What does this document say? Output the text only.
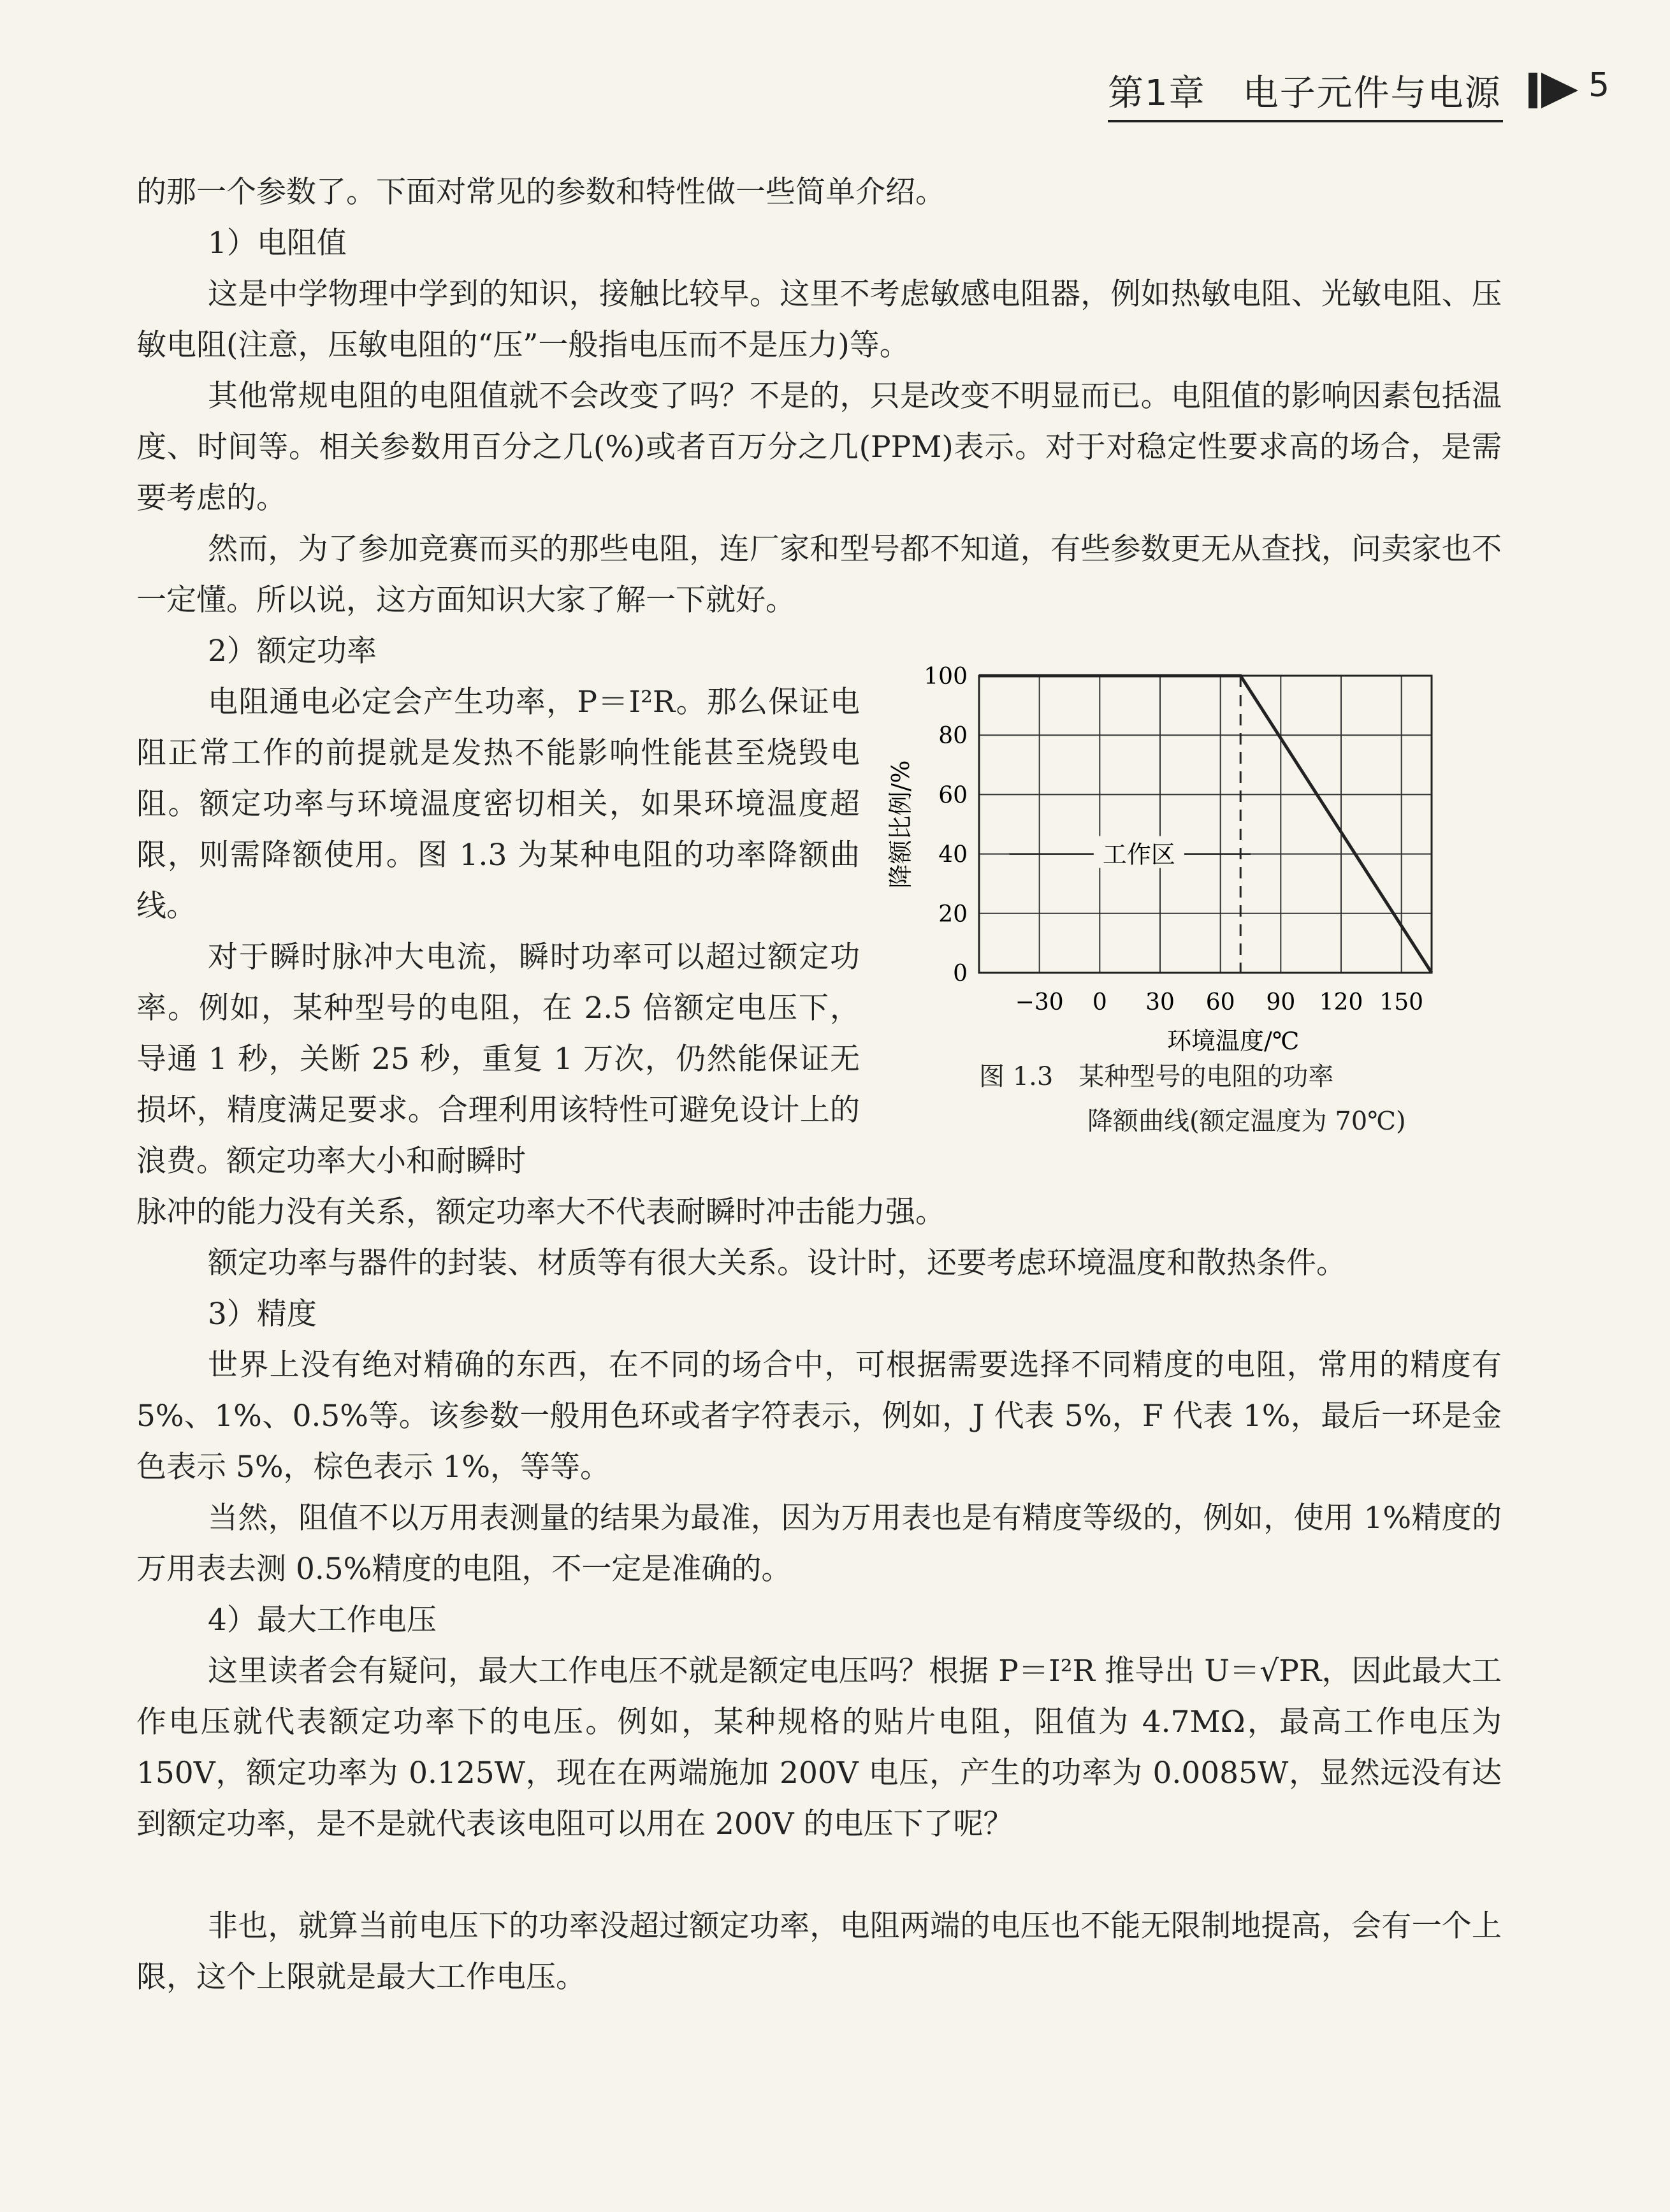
第1章　 电子元件与电源	5

的那一个参数了。下面对常见的参数和特性做一些简单介绍。

1）电阻值

这是中学物理中学到的知识，接触比较早。这里不考虑敏感电阻器，例如热敏电阻、光敏电阻、压敏电阻(注意，压敏电阻的“压”一般指电压而不是压力)等。

其他常规电阻的电阻值就不会改变了吗？不是的，只是改变不明显而已。电阻值的影响因素包括温度、时间等。相关参数用百分之几(%)或者百万分之几(PPM)表示。对于对稳定性要求高的场合，是需要考虑的。

然而，为了参加竞赛而买的那些电阻，连厂家和型号都不知道，有些参数更无从查找，问卖家也不一定懂。所以说，这方面知识大家了解一下就好。

2）额定功率

电阻通电必定会产生功率，P＝I²R。那么保证电阻正常工作的前提就是发热不能影响性能甚至烧毁电阻。额定功率与环境温度密切相关，如果环境温度超限，则需降额使用。图 1.3 为某种电阻的功率降额曲线。

对于瞬时脉冲大电流，瞬时功率可以超过额定功率。例如，某种型号的电阻，在 2.5 倍额定电压下，导通 1 秒，关断 25 秒，重复 1 万次，仍然能保证无损坏，精度满足要求。合理利用该特性可避免设计上的浪费。额定功率大小和耐瞬时

脉冲的能力没有关系，额定功率大不代表耐瞬时冲击能力强。

额定功率与器件的封装、材质等有很大关系。设计时，还要考虑环境温度和散热条件。

3）精度

世界上没有绝对精确的东西，在不同的场合中，可根据需要选择不同精度的电阻，常用的精度有 5%、1%、0.5%等。该参数一般用色环或者字符表示，例如，J 代表 5%，F 代表 1%，最后一环是金色表示 5%，棕色表示 1%，等等。

当然，阻值不以万用表测量的结果为最准，因为万用表也是有精度等级的，例如，使用 1%精度的万用表去测 0.5%精度的电阻，不一定是准确的。

4）最大工作电压

这里读者会有疑问，最大工作电压不就是额定电压吗？根据 P＝I²R 推导出 U＝√PR，因此最大工作电压就代表额定功率下的电压。例如，某种规格的贴片电阻，阻值为 4.7MΩ，最高工作电压为 150V，额定功率为 0.125W，现在在两端施加 200V 电压，产生的功率为 0.0085W，显然远没有达到额定功率，是不是就代表该电阻可以用在 200V 的电压下了呢？

非也，就算当前电压下的功率没超过额定功率，电阻两端的电压也不能无限制地提高，会有一个上限，这个上限就是最大工作电压。

0
20
40
60
80
100
−30 0 30 60 90 120 150
工作区
降额比例/%
环境温度/℃

图 1.3　某种型号的电阻的功率

降额曲线(额定温度为 70℃)
